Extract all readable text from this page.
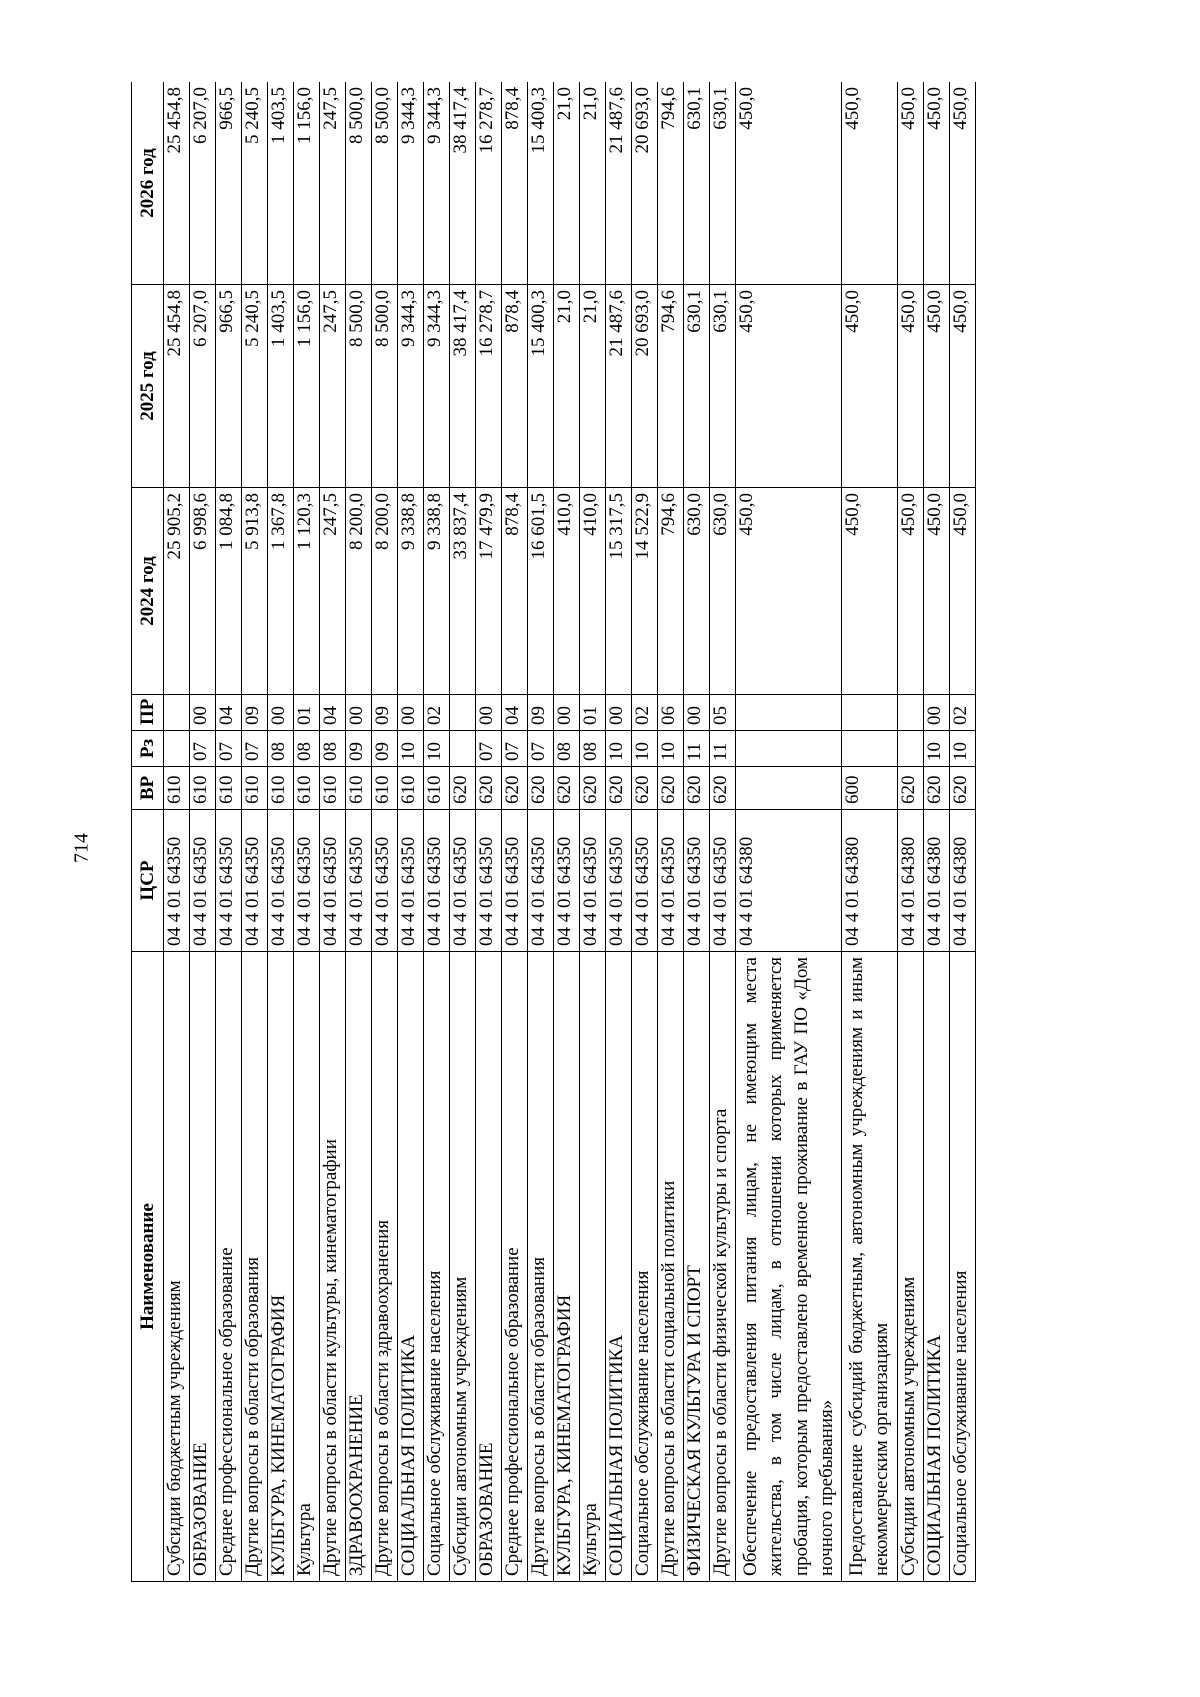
714
Наименование	ЦСР	ВР	Рз	ПР	2024 год	2025 год	2026 год
Субсидии бюджетным учреждениям	04 4 01 64350	610			25 905,2	25 454,8	25 454,8
ОБРАЗОВАНИЕ	04 4 01 64350	610	07	00	6 998,6	6 207,0	6 207,0
Среднее профессиональное образование	04 4 01 64350	610	07	04	1 084,8	966,5	966,5
Другие вопросы в области образования	04 4 01 64350	610	07	09	5 913,8	5 240,5	5 240,5
КУЛЬТУРА, КИНЕМАТОГРАФИЯ	04 4 01 64350	610	08	00	1 367,8	1 403,5	1 403,5
Культура	04 4 01 64350	610	08	01	1 120,3	1 156,0	1 156,0
Другие вопросы в области культуры, кинематографии	04 4 01 64350	610	08	04	247,5	247,5	247,5
ЗДРАВООХРАНЕНИЕ	04 4 01 64350	610	09	00	8 200,0	8 500,0	8 500,0
Другие вопросы в области здравоохранения	04 4 01 64350	610	09	09	8 200,0	8 500,0	8 500,0
СОЦИАЛЬНАЯ ПОЛИТИКА	04 4 01 64350	610	10	00	9 338,8	9 344,3	9 344,3
Социальное обслуживание населения	04 4 01 64350	610	10	02	9 338,8	9 344,3	9 344,3
Субсидии автономным учреждениям	04 4 01 64350	620			33 837,4	38 417,4	38 417,4
ОБРАЗОВАНИЕ	04 4 01 64350	620	07	00	17 479,9	16 278,7	16 278,7
Среднее профессиональное образование	04 4 01 64350	620	07	04	878,4	878,4	878,4
Другие вопросы в области образования	04 4 01 64350	620	07	09	16 601,5	15 400,3	15 400,3
КУЛЬТУРА, КИНЕМАТОГРАФИЯ	04 4 01 64350	620	08	00	410,0	21,0	21,0
Культура	04 4 01 64350	620	08	01	410,0	21,0	21,0
СОЦИАЛЬНАЯ ПОЛИТИКА	04 4 01 64350	620	10	00	15 317,5	21 487,6	21 487,6
Социальное обслуживание населения	04 4 01 64350	620	10	02	14 522,9	20 693,0	20 693,0
Другие вопросы в области социальной политики	04 4 01 64350	620	10	06	794,6	794,6	794,6
ФИЗИЧЕСКАЯ КУЛЬТУРА И СПОРТ	04 4 01 64350	620	11	00	630,0	630,1	630,1
Другие вопросы в области физической культуры и спорта	04 4 01 64350	620	11	05	630,0	630,1	630,1
Обеспечение предоставления питания лицам, не имеющим места жительства, в том числе лицам, в отношении которых применяется пробация, которым предоставлено временное проживание в ГАУ ПО «Дом ночного пребывания»	04 4 01 64380				450,0	450,0	450,0
Предоставление субсидий бюджетным, автономным учреждениям и иным некоммерческим организациям	04 4 01 64380	600			450,0	450,0	450,0
Субсидии автономным учреждениям	04 4 01 64380	620			450,0	450,0	450,0
СОЦИАЛЬНАЯ ПОЛИТИКА	04 4 01 64380	620	10	00	450,0	450,0	450,0
Социальное обслуживание населения	04 4 01 64380	620	10	02	450,0	450,0	450,0
